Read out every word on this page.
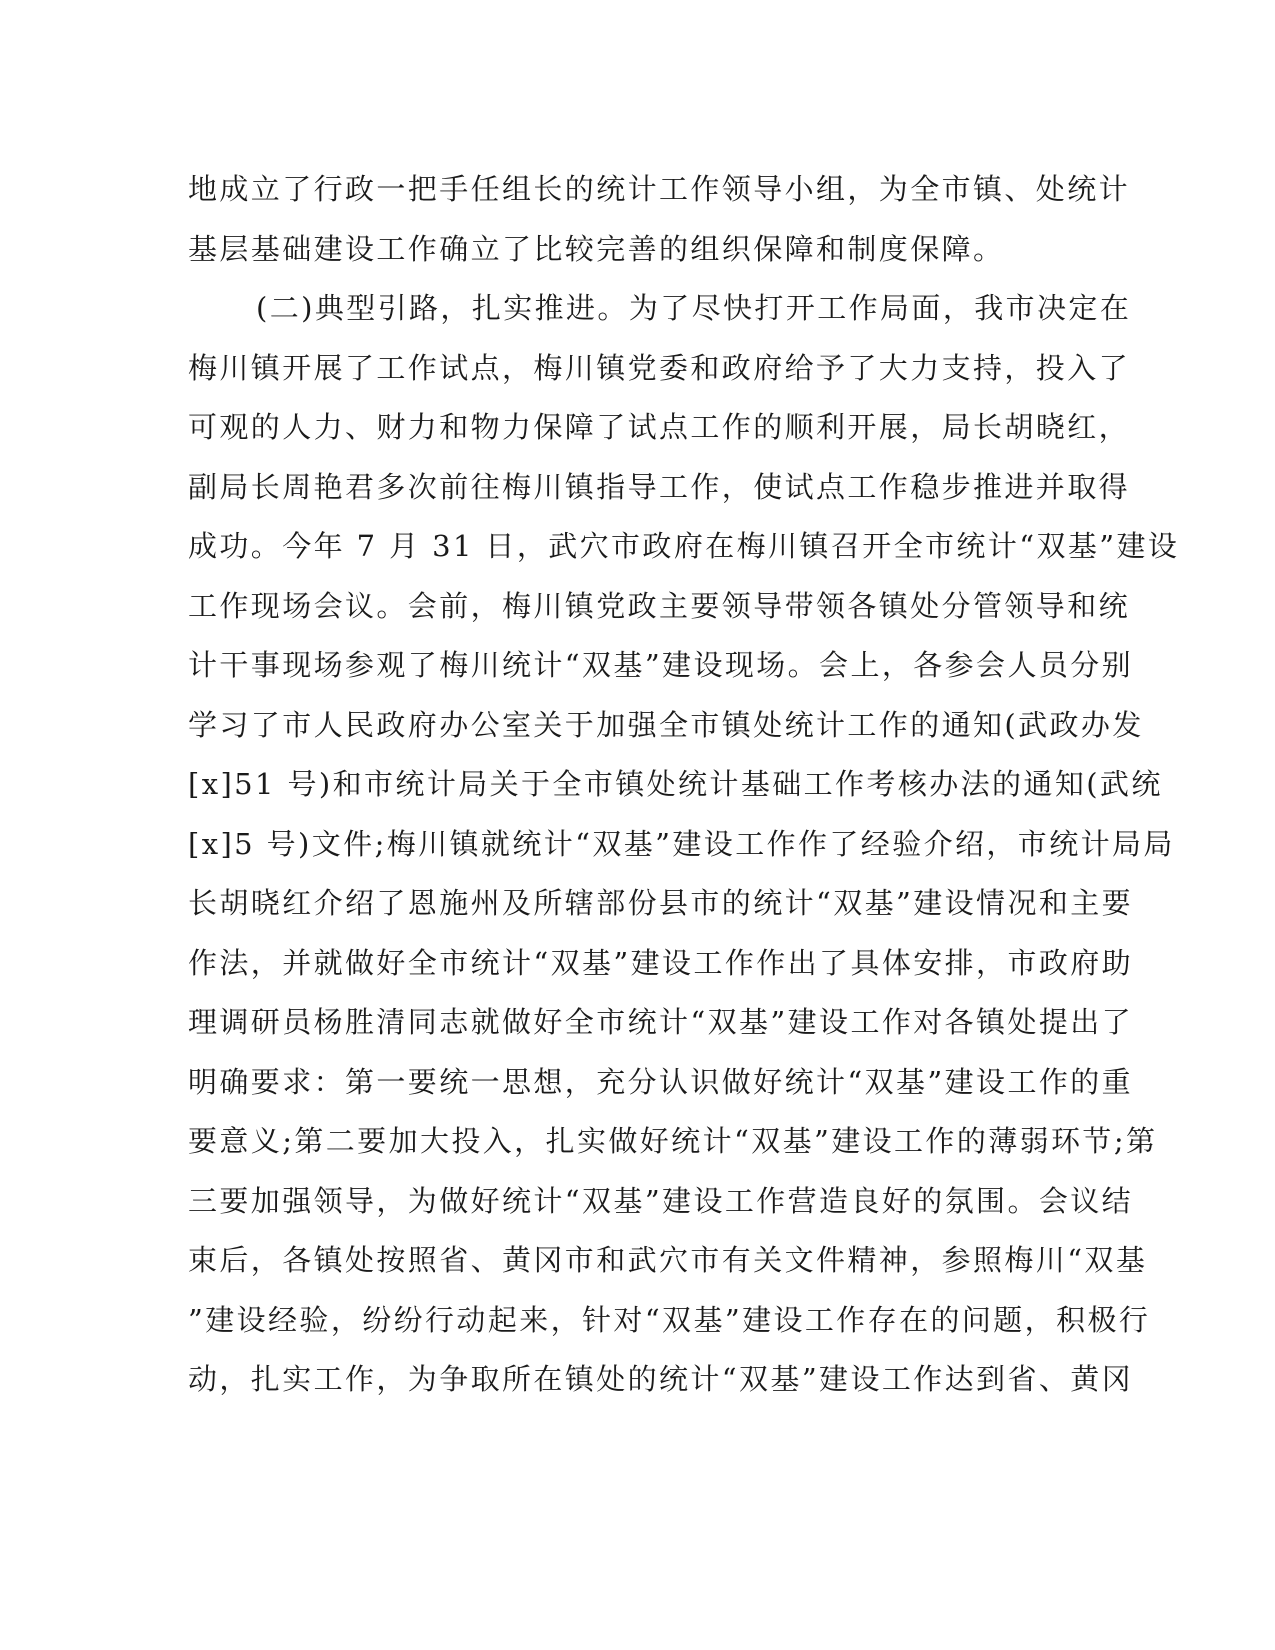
地成立了行政一把手任组长的统计工作领导小组，为全市镇、处统计
基层基础建设工作确立了比较完善的组织保障和制度保障。
(二)典型引路，扎实推进。为了尽快打开工作局面，我市决定在
梅川镇开展了工作试点，梅川镇党委和政府给予了大力支持，投入了
可观的人力、财力和物力保障了试点工作的顺利开展，局长胡晓红，
副局长周艳君多次前往梅川镇指导工作，使试点工作稳步推进并取得
成功。今年 7 月 31 日，武穴市政府在梅川镇召开全市统计“双基”建设
工作现场会议。会前，梅川镇党政主要领导带领各镇处分管领导和统
计干事现场参观了梅川统计“双基”建设现场。会上，各参会人员分别
学习了市人民政府办公室关于加强全市镇处统计工作的通知(武政办发
[x]51 号)和市统计局关于全市镇处统计基础工作考核办法的通知(武统
[x]5 号)文件;梅川镇就统计“双基”建设工作作了经验介绍，市统计局局
长胡晓红介绍了恩施州及所辖部份县市的统计“双基”建设情况和主要
作法，并就做好全市统计“双基”建设工作作出了具体安排，市政府助
理调研员杨胜清同志就做好全市统计“双基”建设工作对各镇处提出了
明确要求：第一要统一思想，充分认识做好统计“双基”建设工作的重
要意义;第二要加大投入，扎实做好统计“双基”建设工作的薄弱环节;第
三要加强领导，为做好统计“双基”建设工作营造良好的氛围。会议结
束后，各镇处按照省、黄冈市和武穴市有关文件精神，参照梅川“双基
”建设经验，纷纷行动起来，针对“双基”建设工作存在的问题，积极行
动，扎实工作，为争取所在镇处的统计“双基”建设工作达到省、黄冈
